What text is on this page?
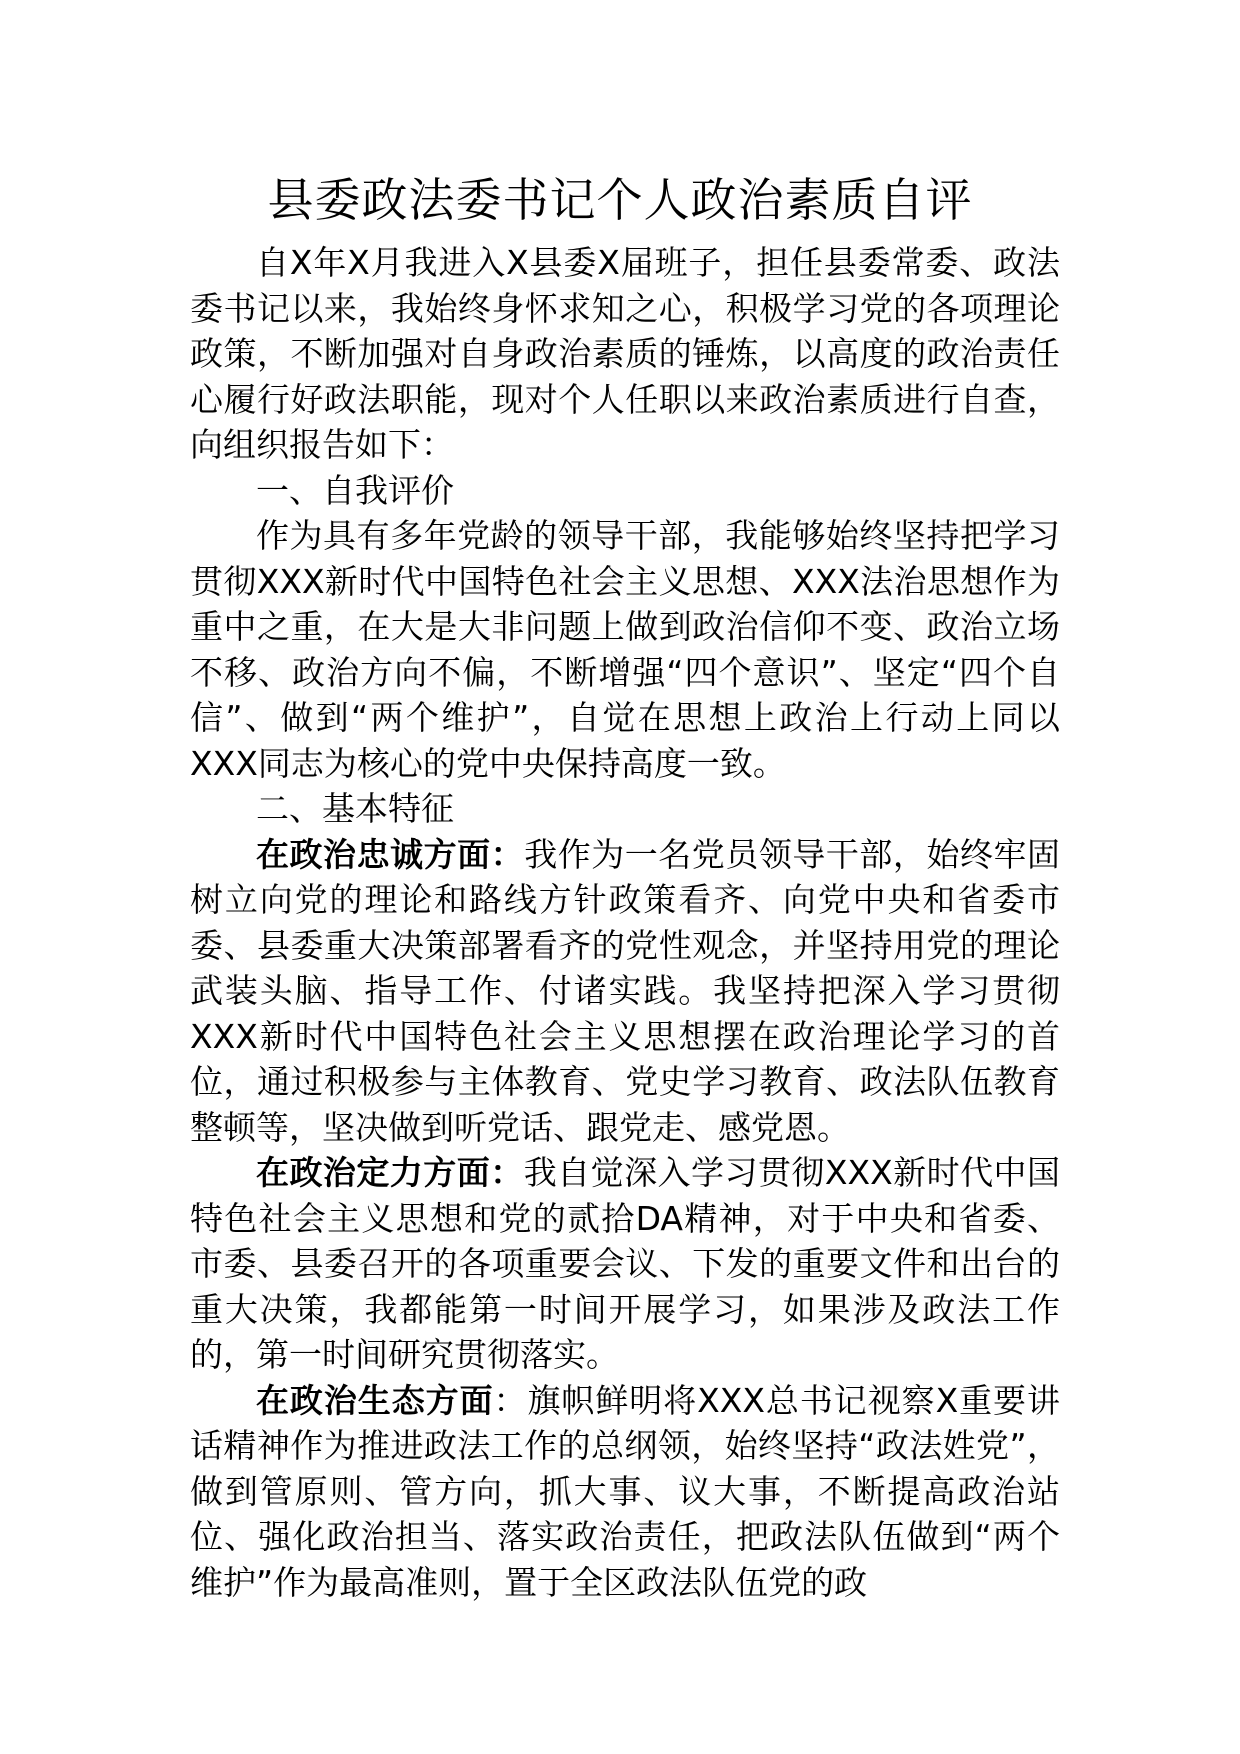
县委政法委书记个人政治素质自评

自X年X月我进入X县委X届班子，担任县委常委、政法委书记以来，我始终身怀求知之心，积极学习党的各项理论政策，不断加强对自身政治素质的锤炼，以高度的政治责任心履行好政法职能，现对个人任职以来政治素质进行自查，向组织报告如下：

一、自我评价

作为具有多年党龄的领导干部，我能够始终坚持把学习贯彻XXX新时代中国特色社会主义思想、XXX法治思想作为重中之重，在大是大非问题上做到政治信仰不变、政治立场不移、政治方向不偏，不断增强“四个意识”、坚定“四个自信”、做到“两个维护”，自觉在思想上政治上行动上同以XXX同志为核心的党中央保持高度一致。

二、基本特征

在政治忠诚方面：我作为一名党员领导干部，始终牢固树立向党的理论和路线方针政策看齐、向党中央和省委市委、县委重大决策部署看齐的党性观念，并坚持用党的理论武装头脑、指导工作、付诸实践。我坚持把深入学习贯彻XXX新时代中国特色社会主义思想摆在政治理论学习的首位，通过积极参与主体教育、党史学习教育、政法队伍教育整顿等，坚决做到听党话、跟党走、感党恩。

在政治定力方面：我自觉深入学习贯彻XXX新时代中国特色社会主义思想和党的贰拾DA精神，对于中央和省委、市委、县委召开的各项重要会议、下发的重要文件和出台的重大决策，我都能第一时间开展学习，如果涉及政法工作的，第一时间研究贯彻落实。

在政治生态方面：旗帜鲜明将XXX总书记视察X重要讲话精神作为推进政法工作的总纲领，始终坚持“政法姓党”，做到管原则、管方向，抓大事、议大事，不断提高政治站位、强化政治担当、落实政治责任，把政法队伍做到“两个维护”作为最高准则，置于全区政法队伍党的政
